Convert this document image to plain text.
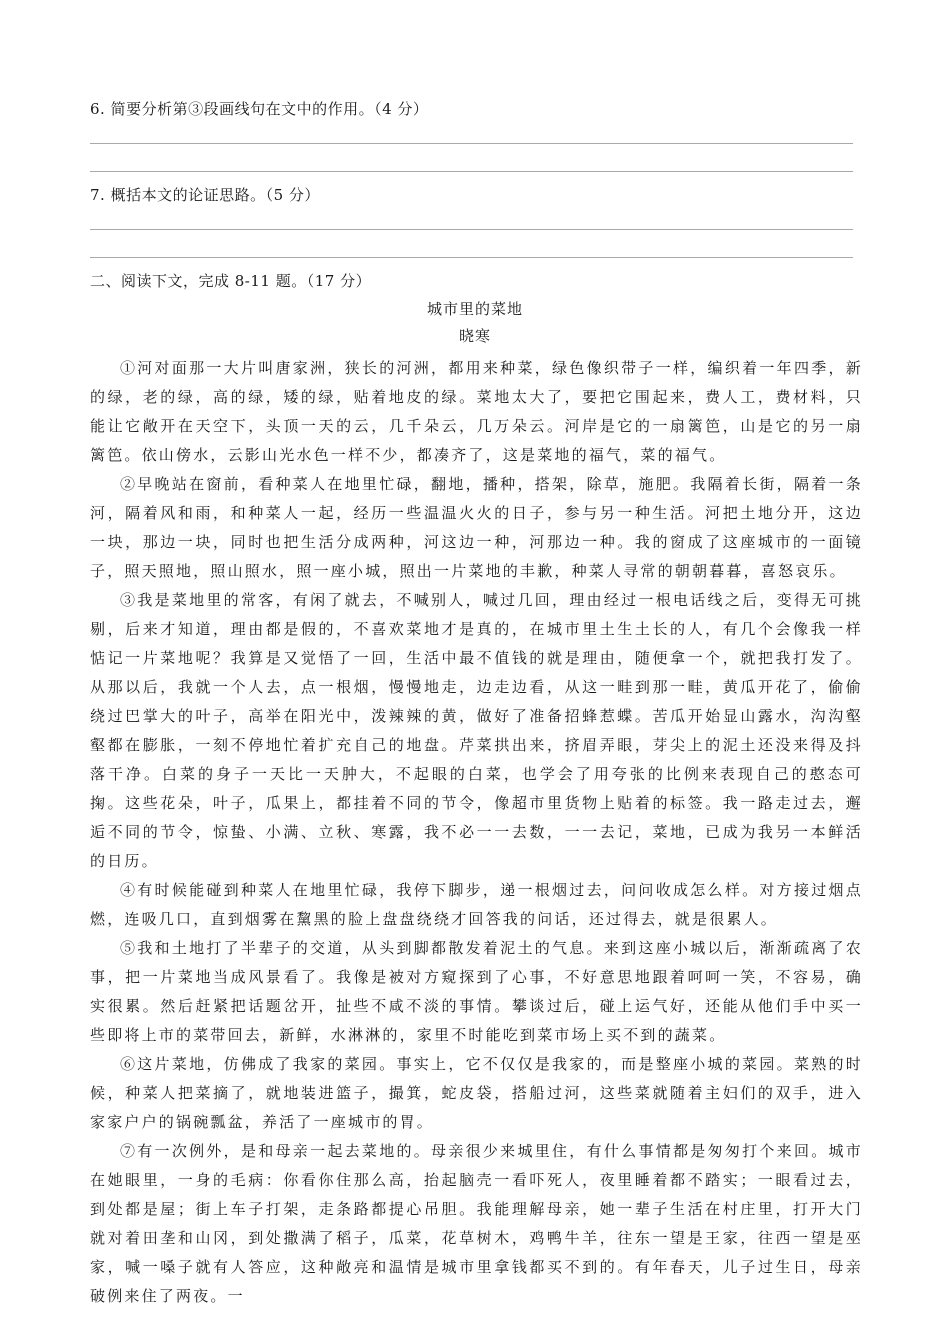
6. 简要分析第③段画线句在文中的作用。（4 分）
7. 概括本文的论证思路。（5 分）
二、阅读下文，完成 8-11 题。（17 分）
城市里的菜地
晓寒

①河对面那一大片叫唐家洲，狭长的河洲，都用来种菜，绿色像织带子一样，编织着一年四季，新的绿，老的绿，高的绿，矮的绿，贴着地皮的绿。菜地太大了，要把它围起来，费人工，费材料，只能让它敞开在天空下，头顶一天的云，几千朵云，几万朵云。河岸是它的一扇篱笆，山是它的另一扇篱笆。依山傍水，云影山光水色一样不少，都凑齐了，这是菜地的福气，菜的福气。

②早晚站在窗前，看种菜人在地里忙碌，翻地，播种，搭架，除草，施肥。我隔着长街，隔着一条河，隔着风和雨，和种菜人一起，经历一些温温火火的日子，参与另一种生活。河把土地分开，这边一块，那边一块，同时也把生活分成两种，河这边一种，河那边一种。我的窗成了这座城市的一面镜子，照天照地，照山照水，照一座小城，照出一片菜地的丰歉，种菜人寻常的朝朝暮暮，喜怒哀乐。

③我是菜地里的常客，有闲了就去，不喊别人，喊过几回，理由经过一根电话线之后，变得无可挑剔，后来才知道，理由都是假的，不喜欢菜地才是真的，在城市里土生土长的人，有几个会像我一样惦记一片菜地呢？我算是又觉悟了一回，生活中最不值钱的就是理由，随便拿一个，就把我打发了。从那以后，我就一个人去，点一根烟，慢慢地走，边走边看，从这一畦到那一畦，黄瓜开花了，偷偷绕过巴掌大的叶子，高举在阳光中，泼辣辣的黄，做好了准备招蜂惹蝶。苦瓜开始显山露水，沟沟壑壑都在膨胀，一刻不停地忙着扩充自己的地盘。芹菜拱出来，挤眉弄眼，芽尖上的泥土还没来得及抖落干净。白菜的身子一天比一天肿大，不起眼的白菜，也学会了用夸张的比例来表现自己的憨态可掬。这些花朵，叶子，瓜果上，都挂着不同的节令，像超市里货物上贴着的标签。我一路走过去，邂逅不同的节令，惊蛰、小满、立秋、寒露，我不必一一去数，一一去记，菜地，已成为我另一本鲜活的日历。

④有时候能碰到种菜人在地里忙碌，我停下脚步，递一根烟过去，问问收成怎么样。对方接过烟点燃，连吸几口，直到烟雾在黧黑的脸上盘盘绕绕才回答我的问话，还过得去，就是很累人。

⑤我和土地打了半辈子的交道，从头到脚都散发着泥土的气息。来到这座小城以后，渐渐疏离了农事，把一片菜地当成风景看了。我像是被对方窥探到了心事，不好意思地跟着呵呵一笑，不容易，确实很累。然后赶紧把话题岔开，扯些不咸不淡的事情。攀谈过后，碰上运气好，还能从他们手中买一些即将上市的菜带回去，新鲜，水淋淋的，家里不时能吃到菜市场上买不到的蔬菜。

⑥这片菜地，仿佛成了我家的菜园。事实上，它不仅仅是我家的，而是整座小城的菜园。菜熟的时候，种菜人把菜摘了，就地装进篮子，撮箕，蛇皮袋，搭船过河，这些菜就随着主妇们的双手，进入家家户户的锅碗瓢盆，养活了一座城市的胃。

⑦有一次例外，是和母亲一起去菜地的。母亲很少来城里住，有什么事情都是匆匆打个来回。城市在她眼里，一身的毛病：你看你住那么高，抬起脑壳一看吓死人，夜里睡着都不踏实；一眼看过去，到处都是屋；街上车子打架，走条路都提心吊胆。我能理解母亲，她一辈子生活在村庄里，打开大门就对着田垄和山冈，到处撒满了稻子，瓜菜，花草树木，鸡鸭牛羊，往东一望是王家，往西一望是巫家，喊一嗓子就有人答应，这种敞亮和温情是城市里拿钱都买不到的。有年春天，儿子过生日，母亲破例来住了两夜。一
